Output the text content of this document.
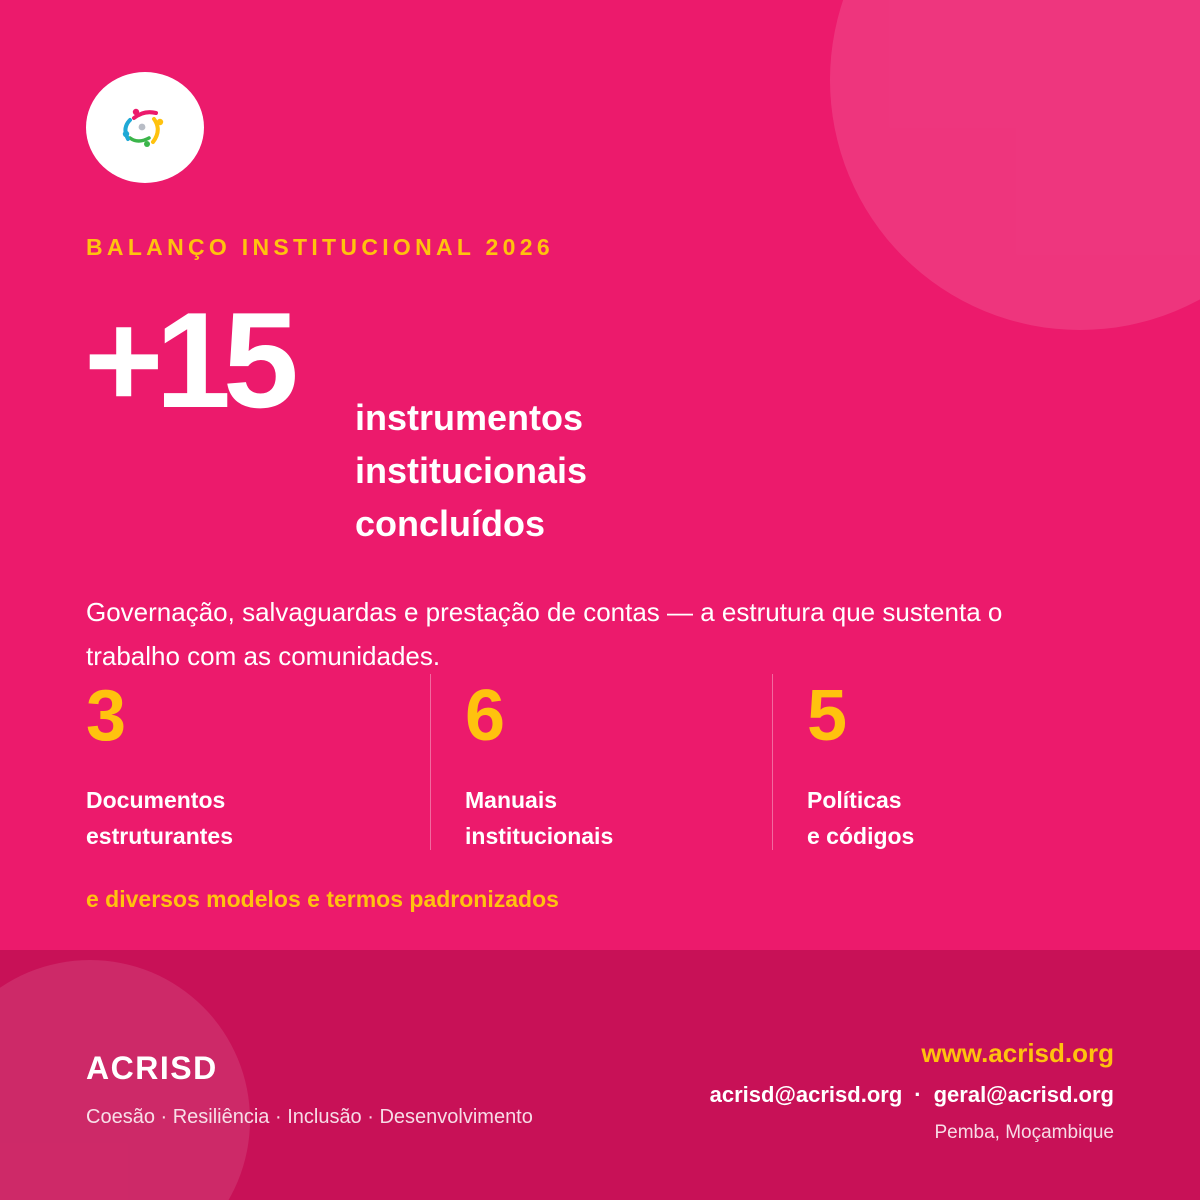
BALANÇO INSTITUCIONAL 2026
+15 instrumentos
institucionais
concluídos
Governação, salvaguardas e prestação de contas — a estrutura que sustenta o trabalho com as comunidades.
3
Documentos
estruturantes
6
Manuais
institucionais
5
Políticas
e códigos
e diversos modelos e termos padronizados
ACRISD
Coesão · Resiliência · Inclusão · Desenvolvimento
www.acrisd.org
acrisd@acrisd.org · geral@acrisd.org
Pemba, Moçambique
